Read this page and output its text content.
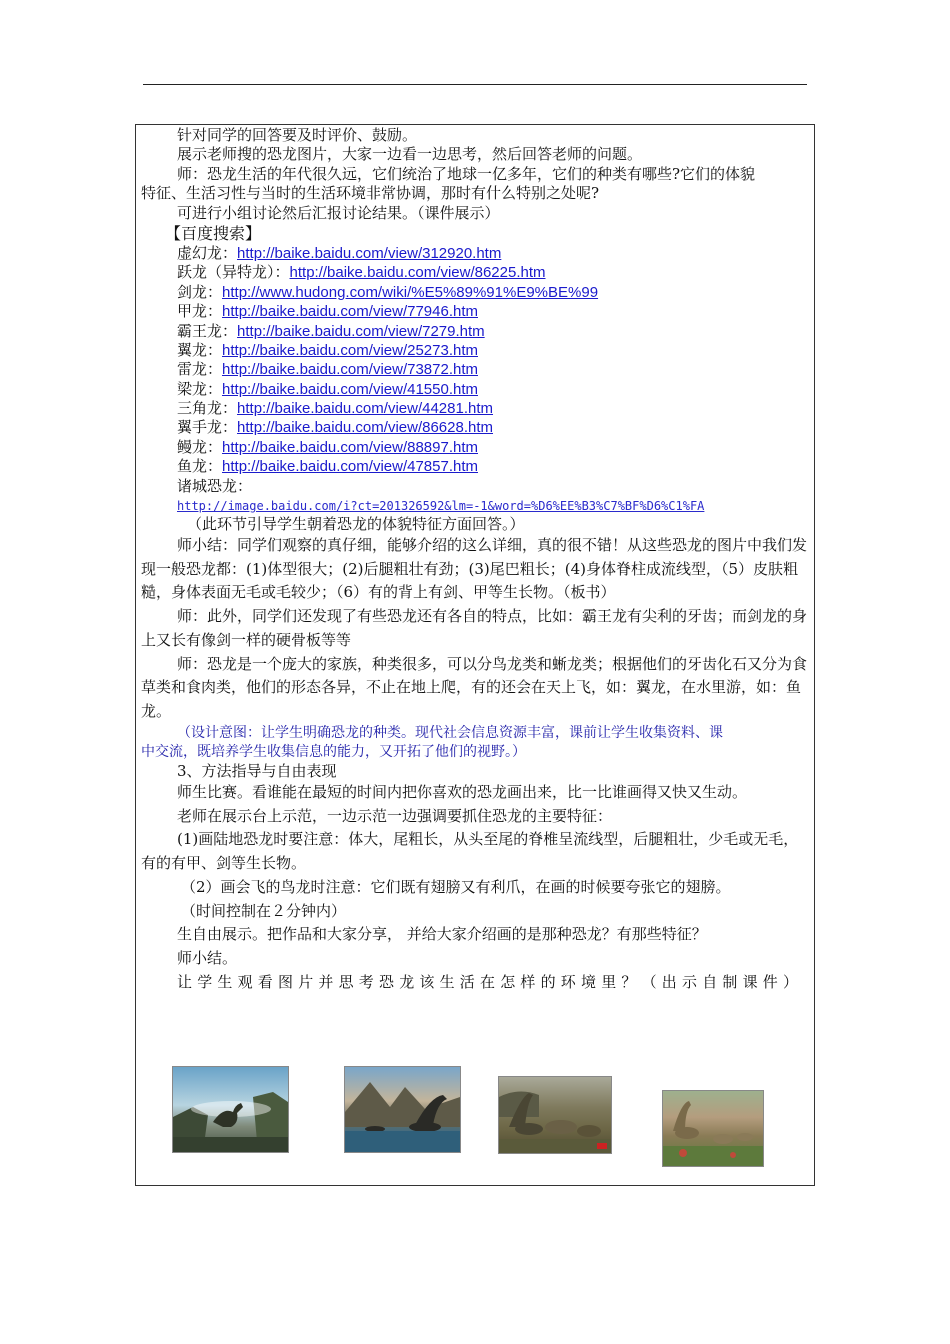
针对同学的回答要及时评价、鼓励。
展示老师搜的恐龙图片，大家一边看一边思考，然后回答老师的问题。
师：恐龙生活的年代很久远，它们统治了地球一亿多年，它们的种类有哪些?它们的体貌
特征、生活习性与当时的生活环境非常协调，那时有什么特别之处呢?
可进行小组讨论然后汇报讨论结果。（课件展示）
【百度搜索】
虚幻龙：http://baike.baidu.com/view/312920.htm
跃龙（异特龙）：http://baike.baidu.com/view/86225.htm
剑龙：http://www.hudong.com/wiki/%E5%89%91%E9%BE%99
甲龙：http://baike.baidu.com/view/77946.htm
霸王龙：http://baike.baidu.com/view/7279.htm
翼龙：http://baike.baidu.com/view/25273.htm
雷龙：http://baike.baidu.com/view/73872.htm
梁龙：http://baike.baidu.com/view/41550.htm
三角龙：http://baike.baidu.com/view/44281.htm
翼手龙：http://baike.baidu.com/view/86628.htm
鳗龙：http://baike.baidu.com/view/88897.htm
鱼龙：http://baike.baidu.com/view/47857.htm
诸城恐龙：
http://image.baidu.com/i?ct=201326592&lm=-1&word=%D6%EE%B3%C7%BF%D6%C1%FA
（此环节引导学生朝着恐龙的体貌特征方面回答。）
师小结：同学们观察的真仔细，能够介绍的这么详细，真的很不错！从这些恐龙的图片中我们发现一般恐龙都：(1)体型很大；(2)后腿粗壮有劲；(3)尾巴粗长；(4)身体脊柱成流线型，（5）皮肤粗糙，身体表面无毛或毛较少；（6）有的背上有剑、甲等生长物。（板书）
师：此外，同学们还发现了有些恐龙还有各自的特点，比如：霸王龙有尖利的牙齿；而剑龙的身上又长有像剑一样的硬骨板等等
师：恐龙是一个庞大的家族，种类很多，可以分鸟龙类和蜥龙类；根据他们的牙齿化石又分为食草类和食肉类，他们的形态各异，不止在地上爬，有的还会在天上飞，如：翼龙，在水里游，如：鱼龙。
（设计意图：让学生明确恐龙的种类。现代社会信息资源丰富，课前让学生收集资料、课
中交流，既培养学生收集信息的能力，又开拓了他们的视野。）
3、方法指导与自由表现
师生比赛。看谁能在最短的时间内把你喜欢的恐龙画出来，比一比谁画得又快又生动。
老师在展示台上示范，一边示范一边强调要抓住恐龙的主要特征：
(1)画陆地恐龙时要注意：体大，尾粗长，从头至尾的脊椎呈流线型，后腿粗壮，少毛或无毛，有的有甲、剑等生长物。
（2）画会飞的鸟龙时注意：它们既有翅膀又有利爪，在画的时候要夸张它的翅膀。
（时间控制在２分钟内）
生自由展示。把作品和大家分享， 并给大家介绍画的是那种恐龙？有那些特征？
师小结。
让学生观看图片并思考恐龙该生活在怎样的环境里？（出示自制课件）
